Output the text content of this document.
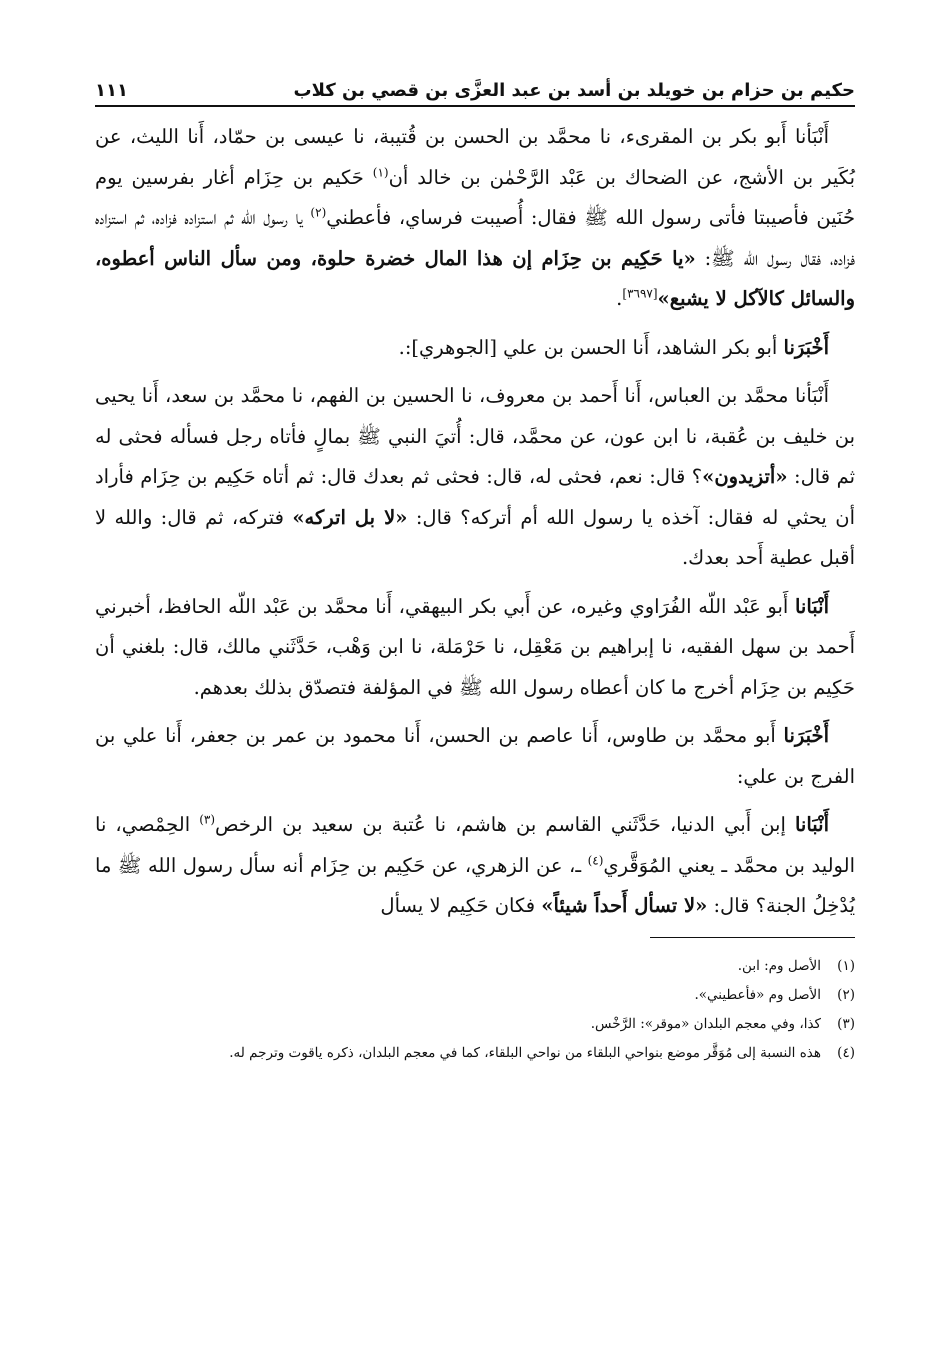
حكيم بن حزام بن خويلد بن أسد بن عبد العزَّى بن قصي بن كلاب
١١١

أَنْبَأنا أَبو بكر بن المقرىء، نا محمَّد بن الحسن بن قُتيبة، نا عيسى بن حمّاد، أَنا الليث، عن بُكَير بن الأشج، عن الضحاك بن عَبْد الرَّحْمٰن بن خالد أن$^{(١)}$ حَكيم بن حِزَام أغار بفرسين يوم حُنَين فأصيبتا فأتى رسول الله ﷺ فقال: أُصيبت فرساي، فأعطني$^{(٢)}$ يا رسول الله ثم استزاده فزاده، ثم استزاده فزاده، فقال رسول الله ﷺ: «يا حَكِيم بن حِزَام إن هذا المال خضرة حلوة، ومن سأل الناس أعطوه، والسائل كالآكل لا يشبع»[٣٦٩٧].

أَخْبَرَنا أبو بكر الشاهد، أَنا الحسن بن علي [الجوهري]:.

أَنْبَأنا محمَّد بن العباس، أَنا أَحمد بن معروف، نا الحسين بن الفهم، نا محمَّد بن سعد، أَنا يحيى بن خليف بن عُقبة، نا ابن عون، عن محمَّد، قال: أُتيَ النبي ﷺ بمالٍ فأتاه رجل فسأله فحثى له ثم قال: «أتزيدون»؟ قال: نعم، فحثى له، قال: فحثى ثم بعدك قال: ثم أتاه حَكِيم بن حِزَام فأراد أن يحثي له فقال: آخذه يا رسول الله أم أتركه؟ قال: «لا بل اتركه» فتركه، ثم قال: والله لا أقبل عطية أَحد بعدك.

أَنْبَانا أَبو عَبْد اللّه الفُرَاوي وغيره، عن أَبي بكر البيهقي، أَنا محمَّد بن عَبْد اللّه الحافظ، أخبرني أَحمد بن سهل الفقيه، نا إبراهيم بن مَعْقِل، نا حَرْمَلة، نا ابن وَهْب، حَدَّثَني مالك، قال: بلغني أن حَكِيم بن حِزَام أخرج ما كان أعطاه رسول الله ﷺ في المؤلفة فتصدّق بذلك بعدهم.

أَخْبَرَنا أَبو محمَّد بن طاوس، أَنا عاصم بن الحسن، أَنا محمود بن عمر بن جعفر، أَنا علي بن الفرج بن علي:

أَنْبَانا إبن أَبي الدنيا، حَدَّثَني القاسم بن هاشم، نا عُتبة بن سعيد بن الرخص$^{(٣)}$ الحِمْصي، نا الوليد بن محمَّد ـ يعني المُوَقَّري$^{(٤)}$ ـ، عن الزهري، عن حَكِيم بن حِزَام أنه سأل رسول الله ﷺ ما يُدْخِلُ الجنة؟ قال: «لا تسأل أَحداً شيئاً» فكان حَكِيم لا يسأل

(١)
الأصل وم: ابن.
(٢)
الأصل وم «فأعطيني».
(٣)
كذا، وفي معجم البلدان «موقر»: الرَّخْس.
(٤)
هذه النسبة إلى مُوَقَّر موضع بنواحي البلقاء من نواحي البلقاء، كما في معجم البلدان، ذكره ياقوت وترجم له.
